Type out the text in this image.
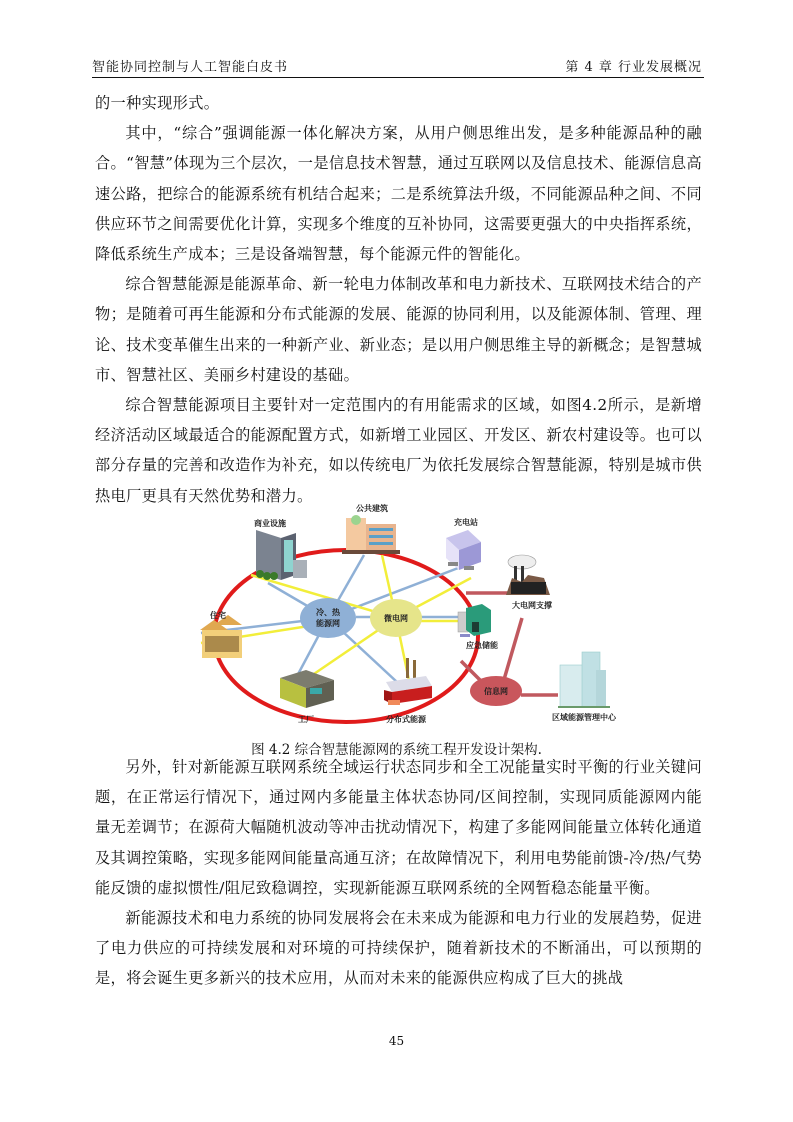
智能协同控制与人工智能白皮书	第 4 章 行业发展概况

的一种实现形式。

其中，“综合”强调能源一体化解决方案，从用户侧思维出发，是多种能源品种的融合。“智慧”体现为三个层次，一是信息技术智慧，通过互联网以及信息技术、能源信息高速公路，把综合的能源系统有机结合起来；二是系统算法升级，不同能源品种之间、不同供应环节之间需要优化计算，实现多个维度的互补协同，这需要更强大的中央指挥系统，降低系统生产成本；三是设备端智慧，每个能源元件的智能化。

综合智慧能源是能源革命、新一轮电力体制改革和电力新技术、互联网技术结合的产物；是随着可再生能源和分布式能源的发展、能源的协同利用，以及能源体制、管理、理论、技术变革催生出来的一种新产业、新业态；是以用户侧思维主导的新概念；是智慧城市、智慧社区、美丽乡村建设的基础。

综合智慧能源项目主要针对一定范围内的有用能需求的区域，如图4.2所示，是新增经济活动区域最适合的能源配置方式，如新增工业园区、开发区、新农村建设等。也可以部分存量的完善和改造作为补充，如以传统电厂为依托发展综合智慧能源，特别是城市供热电厂更具有天然优势和潜力。

冷、热
能源网
微电网
信息网
商业设施
公共建筑
充电站
大电网支撑
应急储能
住宅
工厂	分布式能源	区域能源管理中心
图 4.2 综合智慧能源网的系统工程开发设计架构.

另外，针对新能源互联网系统全域运行状态同步和全工况能量实时平衡的行业关键问题，在正常运行情况下，通过网内多能量主体状态协同/区间控制，实现同质能源网内能量无差调节；在源荷大幅随机波动等冲击扰动情况下，构建了多能网间能量立体转化通道及其调控策略，实现多能网间能量高通互济；在故障情况下，利用电势能前馈-冷/热/气势能反馈的虚拟惯性/阻尼致稳调控，实现新能源互联网系统的全网暂稳态能量平衡。

新能源技术和电力系统的协同发展将会在未来成为能源和电力行业的发展趋势，促进了电力供应的可持续发展和对环境的可持续保护，随着新技术的不断涌出，可以预期的是，将会诞生更多新兴的技术应用，从而对未来的能源供应构成了巨大的挑战

45
